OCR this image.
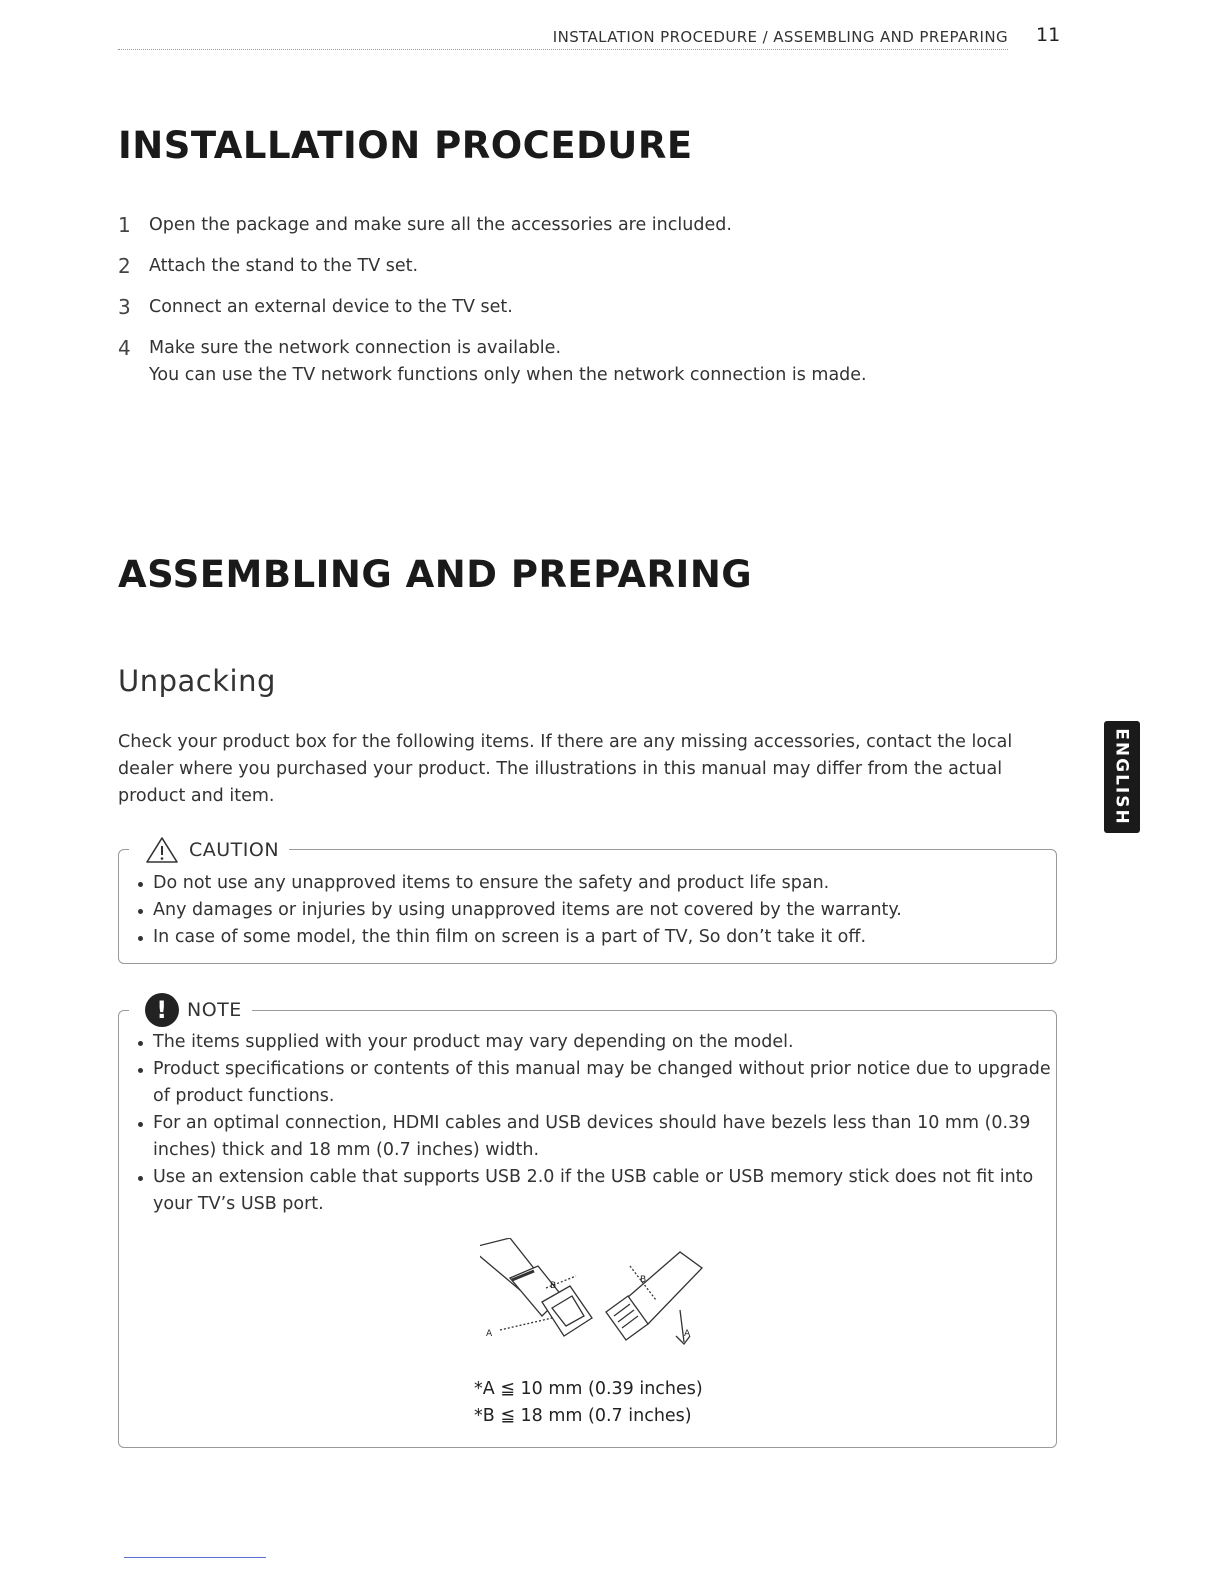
INSTALATION PROCEDURE / ASSEMBLING AND PREPARING 11
INSTALLATION PROCEDURE
1 Open the package and make sure all the accessories are included.
2 Attach the stand to the TV set.
3 Connect an external device to the TV set.
4 Make sure the network connection is available.
You can use the TV network functions only when the network connection is made.
ASSEMBLING AND PREPARING
Unpacking

Check your product box for the following items. If there are any missing accessories, contact the local dealer where you purchased your product. The illustrations in this manual may differ from the actual product and item.

CAUTION
Do not use any unapproved items to ensure the safety and product life span.
Any damages or injuries by using unapproved items are not covered by the warranty.
In case of some model, the thin film on screen is a part of TV, So don’t take it off.
!	NOTE
The items supplied with your product may vary depending on the model.
Product specifications or contents of this manual may be changed without prior notice due to upgrade of product functions.
For an optimal connection, HDMI cables and USB devices should have bezels less than 10 mm (0.39 inches) thick and 18 mm (0.7 inches) width.
Use an extension cable that supports USB 2.0 if the USB cable or USB memory stick does not fit into your TV’s USB port.
B
A
B
A
*A ≦ 10 mm (0.39 inches)
*B ≦ 18 mm (0.7 inches)
ENGLISH
